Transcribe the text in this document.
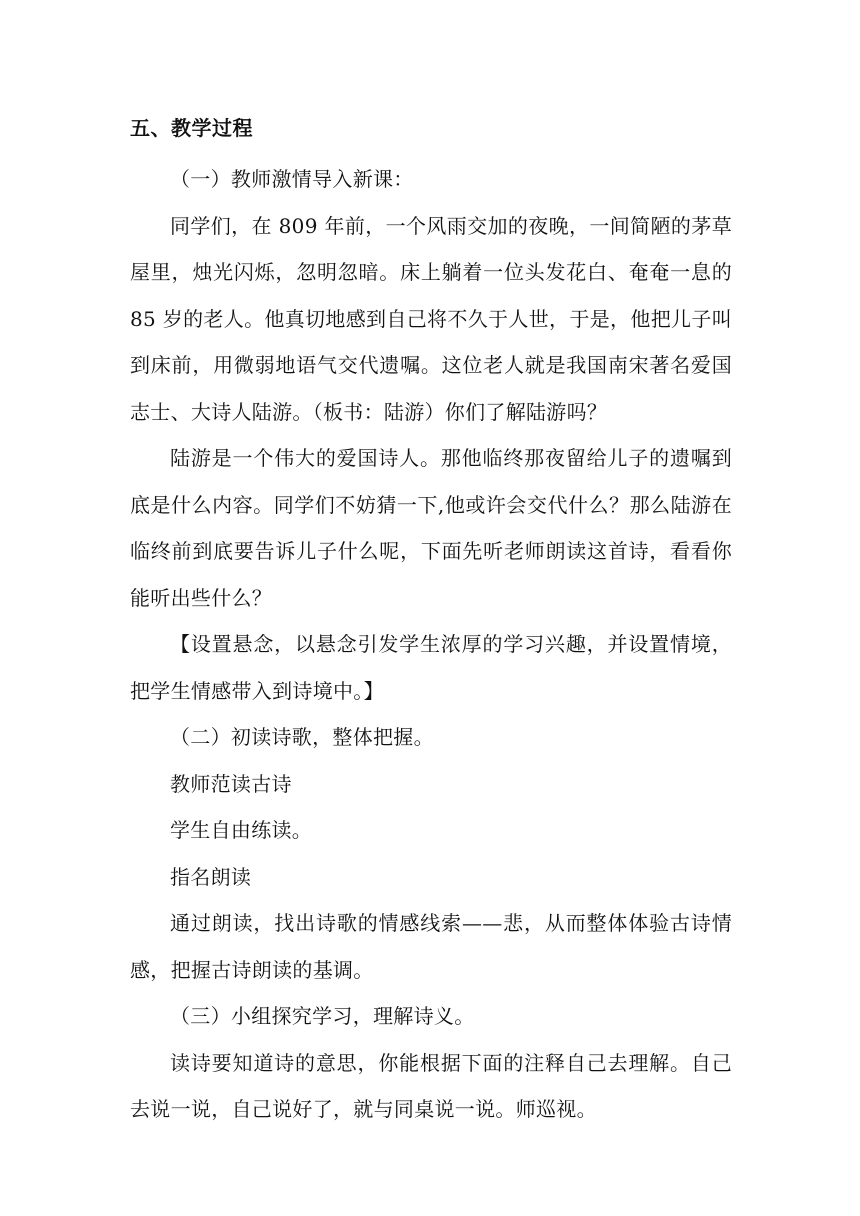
五、教学过程

（一）教师激情导入新课：

同学们，在 809 年前，一个风雨交加的夜晚，一间简陋的茅草屋里，烛光闪烁，忽明忽暗。床上躺着一位头发花白、奄奄一息的 85 岁的老人。他真切地感到自己将不久于人世，于是，他把儿子叫到床前，用微弱地语气交代遗嘱。这位老人就是我国南宋著名爱国志士、大诗人陆游。（板书：陆游）你们了解陆游吗？

陆游是一个伟大的爱国诗人。那他临终那夜留给儿子的遗嘱到底是什么内容。同学们不妨猜一下,他或许会交代什么？那么陆游在临终前到底要告诉儿子什么呢，下面先听老师朗读这首诗，看看你能听出些什么？

【设置悬念，以悬念引发学生浓厚的学习兴趣，并设置情境，把学生情感带入到诗境中。】

（二）初读诗歌，整体把握。

教师范读古诗

学生自由练读。

指名朗读

通过朗读，找出诗歌的情感线索——悲，从而整体体验古诗情感，把握古诗朗读的基调。

（三）小组探究学习，理解诗义。

读诗要知道诗的意思，你能根据下面的注释自己去理解。自己去说一说，自己说好了，就与同桌说一说。师巡视。
